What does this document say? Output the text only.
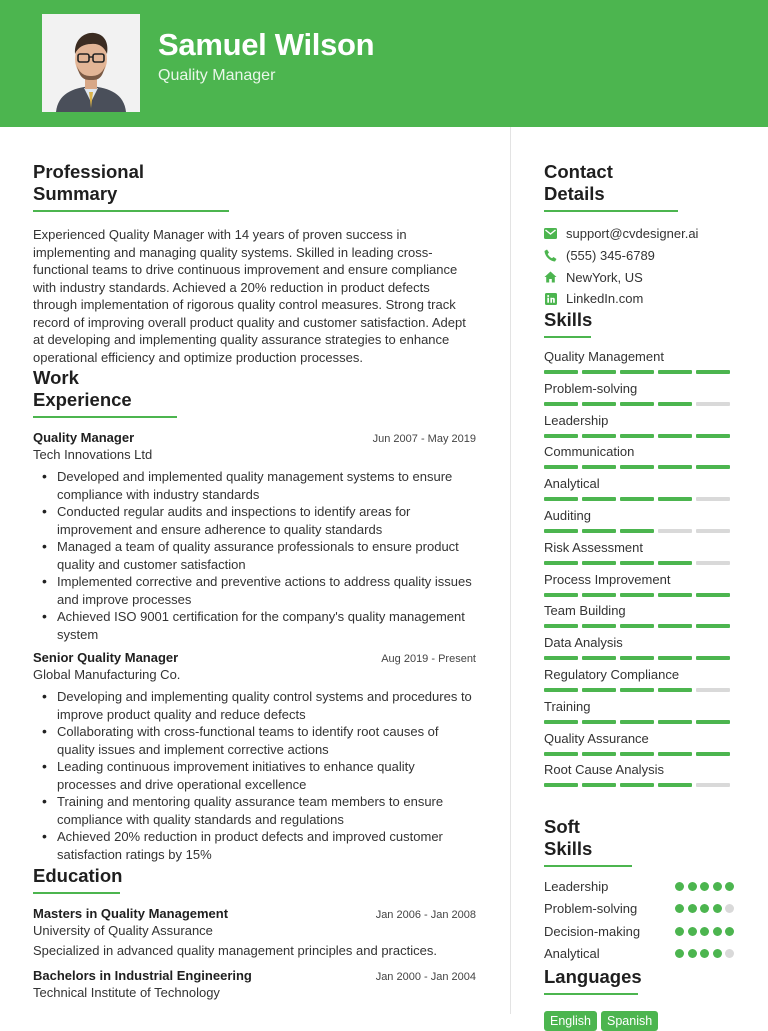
Samuel Wilson
Quality Manager
Professional Summary
Experienced Quality Manager with 14 years of proven success in implementing and managing quality systems. Skilled in leading cross-functional teams to drive continuous improvement and ensure compliance with industry standards. Achieved a 20% reduction in product defects through implementation of rigorous quality control measures. Strong track record of improving overall product quality and customer satisfaction. Adept at developing and implementing quality assurance strategies to enhance operational efficiency and optimize production processes.
Work Experience
Quality Manager	Jun 2007 - May 2019
Tech Innovations Ltd
• Developed and implemented quality management systems to ensure compliance with industry standards
• Conducted regular audits and inspections to identify areas for improvement and ensure adherence to quality standards
• Managed a team of quality assurance professionals to ensure product quality and customer satisfaction
• Implemented corrective and preventive actions to address quality issues and improve processes
• Achieved ISO 9001 certification for the company's quality management system
Senior Quality Manager	Aug 2019 - Present
Global Manufacturing Co.
• Developing and implementing quality control systems and procedures to improve product quality and reduce defects
• Collaborating with cross-functional teams to identify root causes of quality issues and implement corrective actions
• Leading continuous improvement initiatives to enhance quality processes and drive operational excellence
• Training and mentoring quality assurance team members to ensure compliance with quality standards and regulations
• Achieved 20% reduction in product defects and improved customer satisfaction ratings by 15%
Education
Masters in Quality Management	Jan 2006 - Jan 2008
University of Quality Assurance
Specialized in advanced quality management principles and practices.
Bachelors in Industrial Engineering	Jan 2000 - Jan 2004
Technical Institute of Technology
Contact Details
support@cvdesigner.ai
(555) 345-6789
NewYork, US
LinkedIn.com
Skills
Quality Management
Problem-solving
Leadership
Communication
Analytical
Auditing
Risk Assessment
Process Improvement
Team Building
Data Analysis
Regulatory Compliance
Training
Quality Assurance
Root Cause Analysis
Soft Skills
Leadership
Problem-solving
Decision-making
Analytical
Languages
English	Spanish
